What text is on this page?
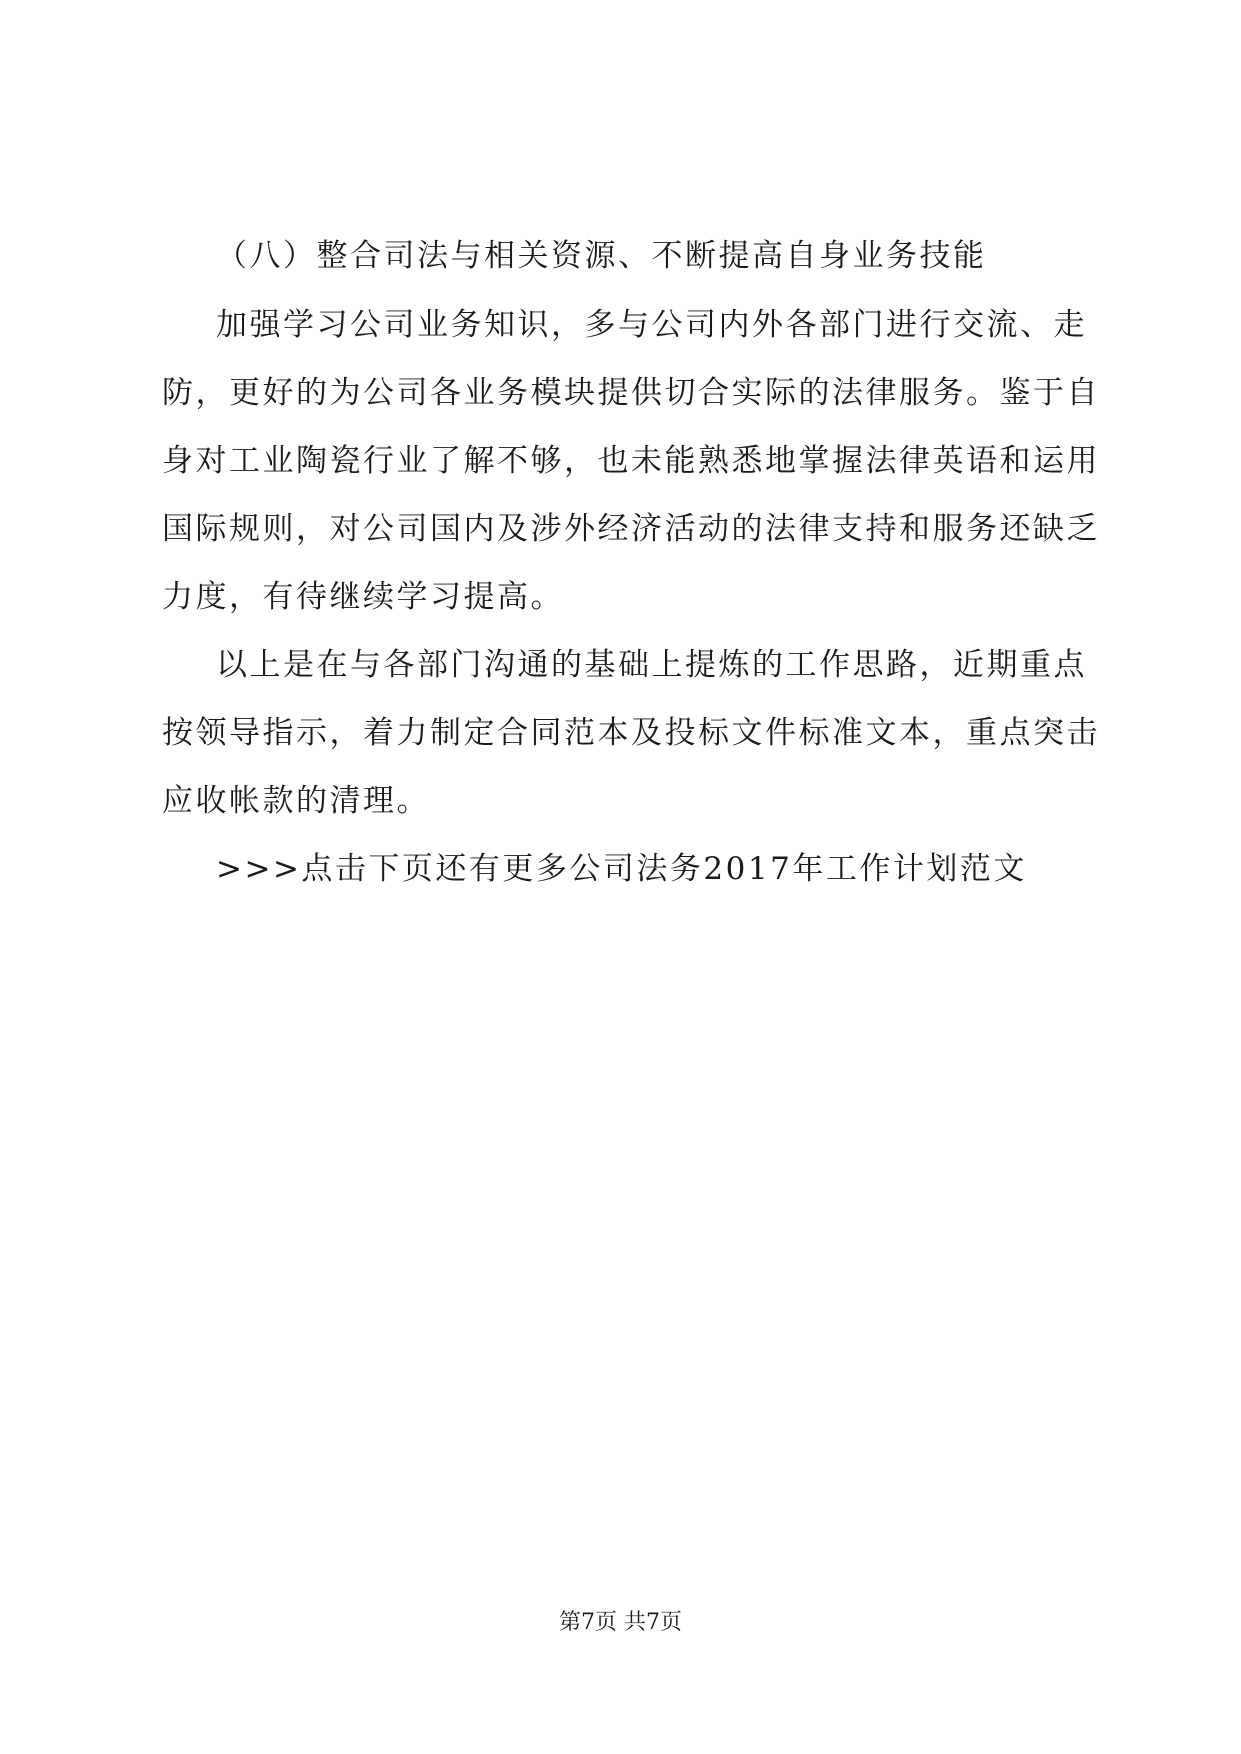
（八）整合司法与相关资源、不断提高自身业务技能
加强学习公司业务知识，多与公司内外各部门进行交流、走
防，更好的为公司各业务模块提供切合实际的法律服务。鉴于自
身对工业陶瓷行业了解不够，也未能熟悉地掌握法律英语和运用
国际规则，对公司国内及涉外经济活动的法律支持和服务还缺乏
力度，有待继续学习提高。
以上是在与各部门沟通的基础上提炼的工作思路，近期重点
按领导指示，着力制定合同范本及投标文件标准文本，重点突击
应收帐款的清理。
>>>点击下页还有更多公司法务2017年工作计划范文
第7页 共7页
